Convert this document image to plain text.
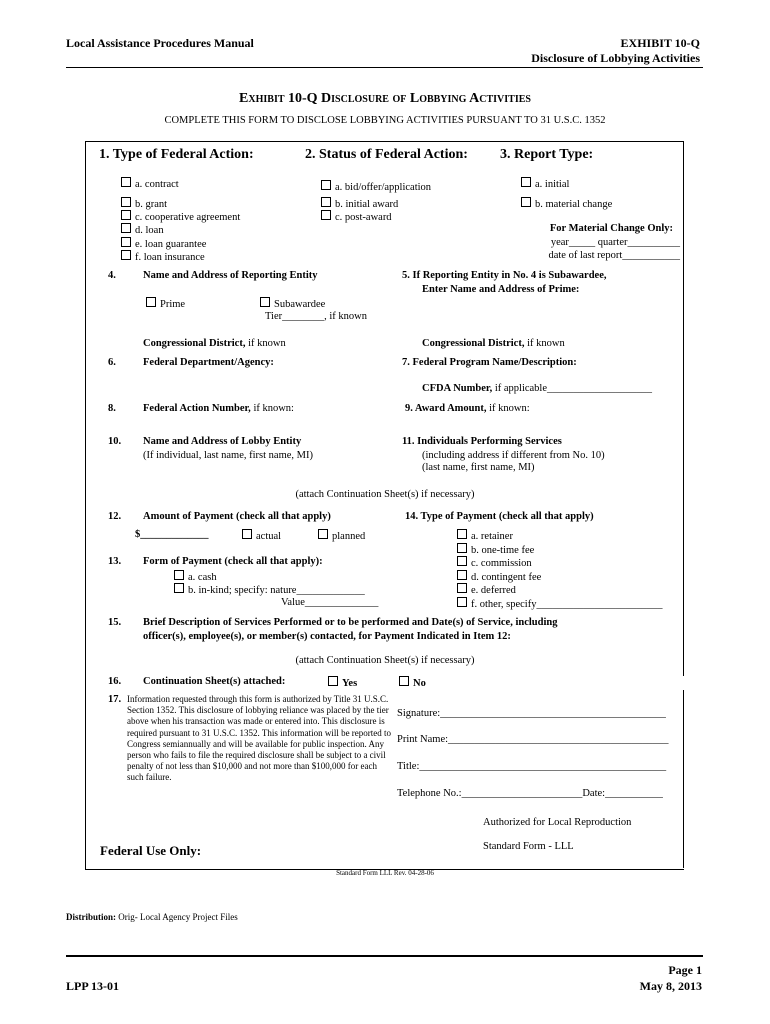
Local Assistance Procedures Manual	EXHIBIT 10-Q
Disclosure of Lobbying Activities
Exhibit 10-Q Disclosure of Lobbying Activities
COMPLETE THIS FORM TO DISCLOSE LOBBYING ACTIVITIES PURSUANT TO 31 U.S.C. 1352
1. Type of Federal Action:	2. Status of Federal Action: 3. Report Type:
a. contract
b. grant
c. cooperative agreement
d. loan
e. loan guarantee
f. loan insurance
a. bid/offer/application
b. initial award
c. post-award
a. initial
b. material change
For Material Change Only:
year_____ quarter__________
date of last report___________
4.	Name and Address of Reporting Entity
Prime	Subawardee
Tier________, if known
Congressional District, if known
5. If Reporting Entity in No. 4 is Subawardee,
Enter Name and Address of Prime:
Congressional District, if known
6.	Federal Department/Agency:	7. Federal Program Name/Description:
CFDA Number, if applicable____________________
8.	Federal Action Number, if known:	9. Award Amount, if known:
10. Name and Address of Lobby Entity
(If individual, last name, first name, MI)
11. Individuals Performing Services
(including address if different from No. 10)
(last name, first name, MI)
(attach Continuation Sheet(s) if necessary)
12. Amount of Payment (check all that apply)
$_____________	actual	planned
13. Form of Payment (check all that apply):
a. cash
b. in-kind; specify: nature_____________
Value______________
14. Type of Payment (check all that apply)
a. retainer
b. one-time fee
c. commission
d. contingent fee
e. deferred
f. other, specify________________________
15. Brief Description of Services Performed or to be performed and Date(s) of Service, including
officer(s), employee(s), or member(s) contacted, for Payment Indicated in Item 12:
(attach Continuation Sheet(s) if necessary)
16. Continuation Sheet(s) attached:	Yes	No
17. Information requested through this form is authorized by Title 31 U.S.C. Section 1352. This disclosure of lobbying reliance was placed by the tier above when his transaction was made or entered into. This disclosure is required pursuant to 31 U.S.C. 1352. This information will be reported to Congress semiannually and will be available for public inspection. Any person who fails to file the required disclosure shall be subject to a civil penalty of not less than $10,000 and not more than $100,000 for each such failure.
Signature:___________________________________________
Print Name:__________________________________________
Title:_______________________________________________
Telephone No.:_______________________Date:___________
Authorized for Local Reproduction
Federal Use Only:	Standard Form - LLL
Standard Form LLL Rev. 04-28-06
Distribution: Orig- Local Agency Project Files
LPP 13-01
Page 1
May 8, 2013
